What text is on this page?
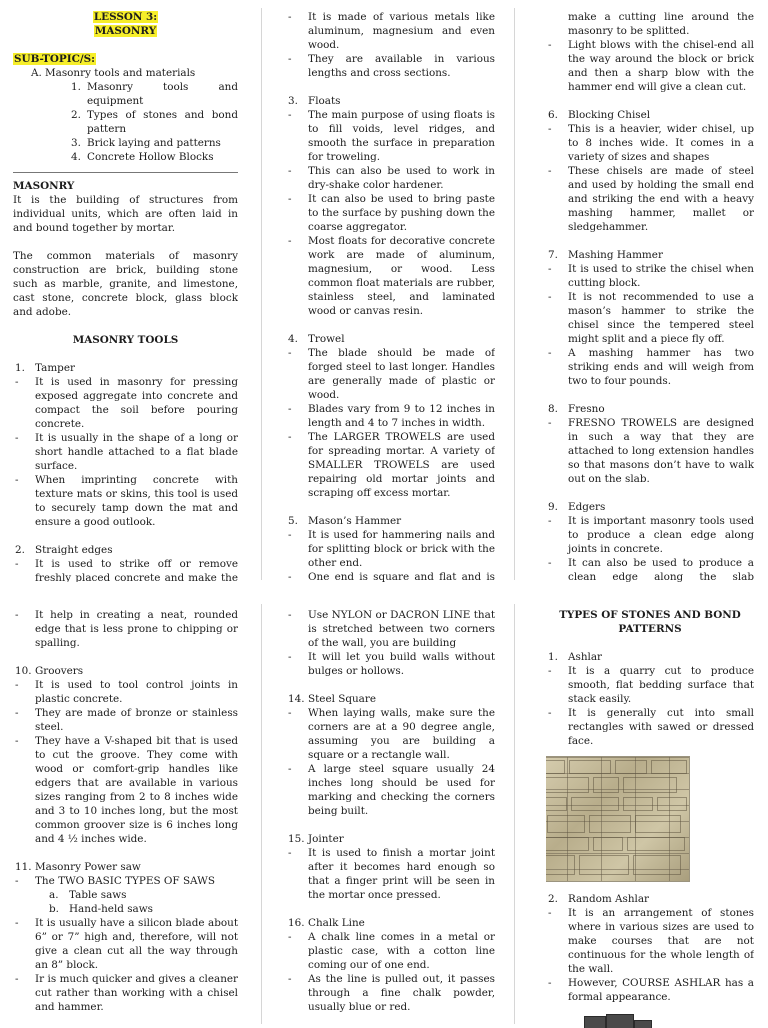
LESSON 3:
MASONRY
SUB-TOPIC/S:
A. Masonry tools and materials
1. Masonry tools and equipment
2. Types of stones and bond pattern
3. Brick laying and patterns
4. Concrete Hollow Blocks
MASONRY
It is the building of structures from individual units, which are often laid in and bound together by mortar.
The common materials of masonry construction are brick, building stone such as marble, granite, and limestone, cast stone, concrete block, glass block and adobe.
MASONRY TOOLS
1. Tamper
-	It is used in masonry for pressing exposed aggregate into concrete and compact the soil before pouring concrete.
-	It is usually in the shape of a long or short handle attached to a flat blade surface.
-	When imprinting concrete with texture mats or skins, this tool is used to securely tamp down the mat and ensure a good outlook.
2. Straight edges
-	It is used to strike off or remove freshly placed concrete and make the
-	It is made of various metals like aluminum, magnesium and even wood.
-	They are available in various lengths and cross sections.
3. Floats
-	The main purpose of using floats is to fill voids, level ridges, and smooth the surface in preparation for troweling.
-	This can also be used to work in dry-shake color hardener.
-	It can also be used to bring paste to the surface by pushing down the coarse aggregator.
-	Most floats for decorative concrete work are made of aluminum, magnesium, or wood. Less common float materials are rubber, stainless steel, and laminated wood or canvas resin.
4. Trowel
-	The blade should be made of forged steel to last longer. Handles are generally made of plastic or wood.
-	Blades vary from 9 to 12 inches in length and 4 to 7 inches in width.
-	The LARGER TROWELS are used for spreading mortar. A variety of SMALLER TROWELS are used repairing old mortar joints and scraping off excess mortar.
5. Mason’s Hammer
-	It is used for hammering nails and for splitting block or brick with the other end.
-	One end is square and flat and is
make a cutting line around the masonry to be splitted.
-	Light blows with the chisel-end all the way around the block or brick and then a sharp blow with the hammer end will give a clean cut.
6. Blocking Chisel
-	This is a heavier, wider chisel, up to 8 inches wide. It comes in a variety of sizes and shapes
-	These chisels are made of steel and used by holding the small end and striking the end with a heavy mashing hammer, mallet or sledgehammer.
7. Mashing Hammer
-	It is used to strike the chisel when cutting block.
-	It is not recommended to use a mason’s hammer to strike the chisel since the tempered steel might split and a piece fly off.
-	A mashing hammer has two striking ends and will weigh from two to four pounds.
8. Fresno
-	FRESNO TROWELS are designed in such a way that they are attached to long extension handles so that masons don’t have to walk out on the slab.
9. Edgers
-	It is important masonry tools used to produce a clean edge along joints in concrete.
-	It can also be used to produce a clean edge along the slab
-	It help in creating a neat, rounded edge that is less prone to chipping or spalling.
10. Groovers
-	It is used to tool control joints in plastic concrete.
-	They are made of bronze or stainless steel.
-	They have a V-shaped bit that is used to cut the groove. They come with wood or comfort-grip handles like edgers that are available in various sizes ranging from 2 to 8 inches wide and 3 to 10 inches long, but the most common groover size is 6 inches long and 4 ½ inches wide.
11. Masonry Power saw
-	The TWO BASIC TYPES OF SAWS
a.	Table saws
b. Hand-held saws
-	It is usually have a silicon blade about 6” or 7” high and, therefore, will not give a clean cut all the way through an 8” block.
-	Ir is much quicker and gives a cleaner cut rather than working with a chisel and hammer.
-	Use NYLON or DACRON LINE that is stretched between two corners of the wall, you are building
-	It will let you build walls without bulges or hollows.
14. Steel Square
-	When laying walls, make sure the corners are at a 90 degree angle, assuming you are building a square or a rectangle wall.
-	A large steel square usually 24 inches long should be used for marking and checking the corners being built.
15. Jointer
-	It is used to finish a mortar joint after it becomes hard enough so that a finger print will be seen in the mortar once pressed.
16. Chalk Line
-	A chalk line comes in a metal or plastic case, with a cotton line coming our of one end.
-	As the line is pulled out, it passes through a fine chalk powder, usually blue or red.
TYPES OF STONES AND BOND PATTERNS
1. Ashlar
-	It is a quarry cut to produce smooth, flat bedding surface that stack easily.
-	It is generally cut into small rectangles with sawed or dressed face.
2. Random Ashlar
-	It is an arrangement of stones where in various sizes are used to make courses that are not continuous for the whole length of the wall.
-	However, COURSE ASHLAR has a formal appearance.
